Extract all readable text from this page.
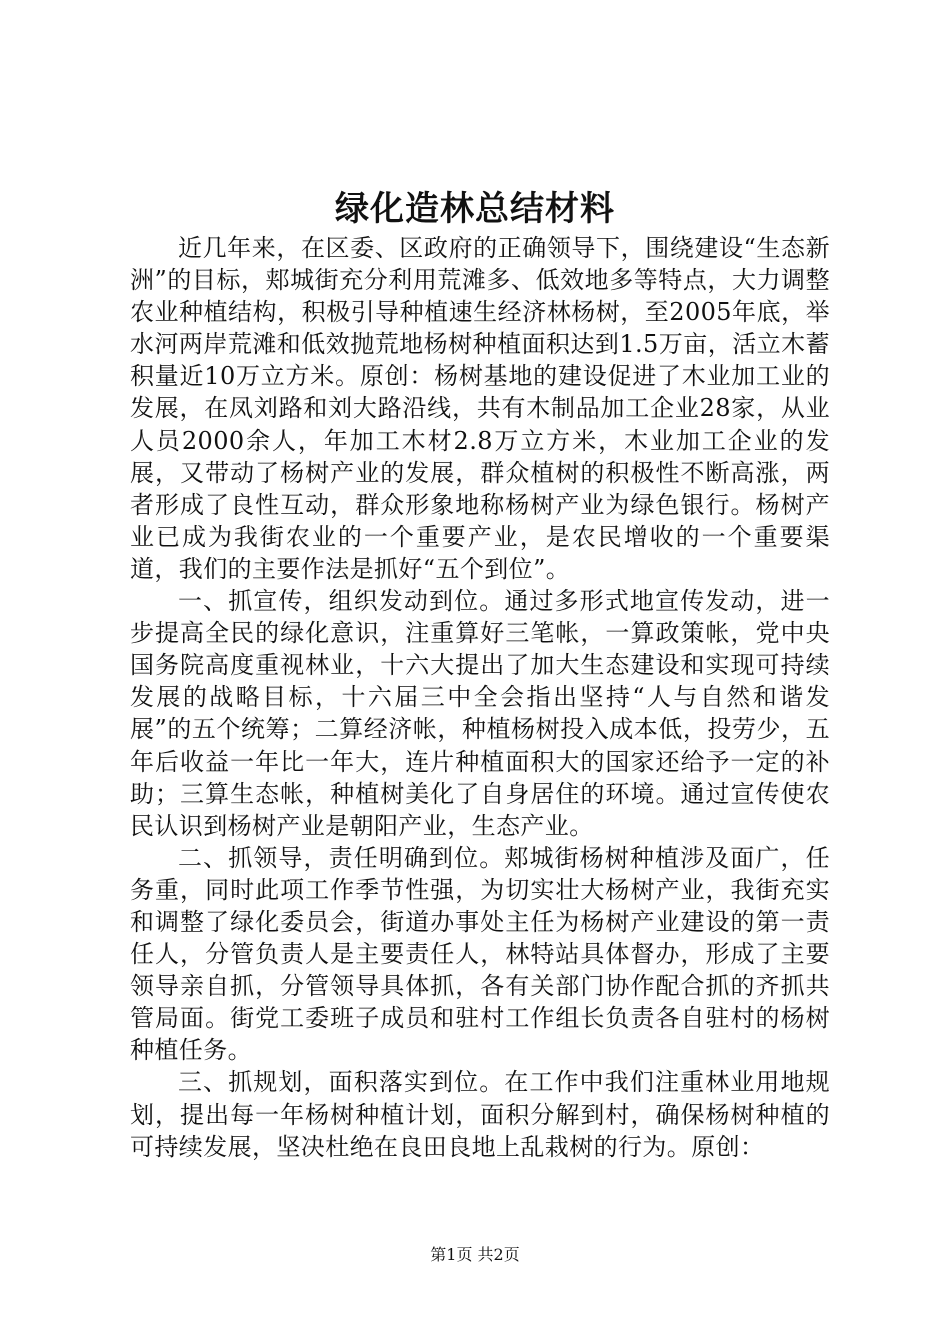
绿化造林总结材料

近几年来，在区委、区政府的正确领导下，围绕建设“生态新洲”的目标，郏城街充分利用荒滩多、低效地多等特点，大力调整农业种植结构，积极引导种植速生经济林杨树，至2005年底，举水河两岸荒滩和低效抛荒地杨树种植面积达到1.5万亩，活立木蓄积量近10万立方米。原创：杨树基地的建设促进了木业加工业的发展，在凤刘路和刘大路沿线，共有木制品加工企业28家，从业人员2000余人，年加工木材2.8万立方米，木业加工企业的发展，又带动了杨树产业的发展，群众植树的积极性不断高涨，两者形成了良性互动，群众形象地称杨树产业为绿色银行。杨树产业已成为我街农业的一个重要产业，是农民增收的一个重要渠道，我们的主要作法是抓好“五个到位”。

一、抓宣传，组织发动到位。通过多形式地宣传发动，进一步提高全民的绿化意识，注重算好三笔帐，一算政策帐，党中央国务院高度重视林业，十六大提出了加大生态建设和实现可持续发展的战略目标，十六届三中全会指出坚持“人与自然和谐发展”的五个统筹；二算经济帐，种植杨树投入成本低，投劳少，五年后收益一年比一年大，连片种植面积大的国家还给予一定的补助；三算生态帐，种植树美化了自身居住的环境。通过宣传使农民认识到杨树产业是朝阳产业，生态产业。

二、抓领导，责任明确到位。郏城街杨树种植涉及面广，任务重，同时此项工作季节性强，为切实壮大杨树产业，我街充实和调整了绿化委员会，街道办事处主任为杨树产业建设的第一责任人，分管负责人是主要责任人，林特站具体督办，形成了主要领导亲自抓，分管领导具体抓，各有关部门协作配合抓的齐抓共管局面。街党工委班子成员和驻村工作组长负责各自驻村的杨树种植任务。

三、抓规划，面积落实到位。在工作中我们注重林业用地规划，提出每一年杨树种植计划，面积分解到村，确保杨树种植的可持续发展，坚决杜绝在良田良地上乱栽树的行为。原创：

第1页 共2页
